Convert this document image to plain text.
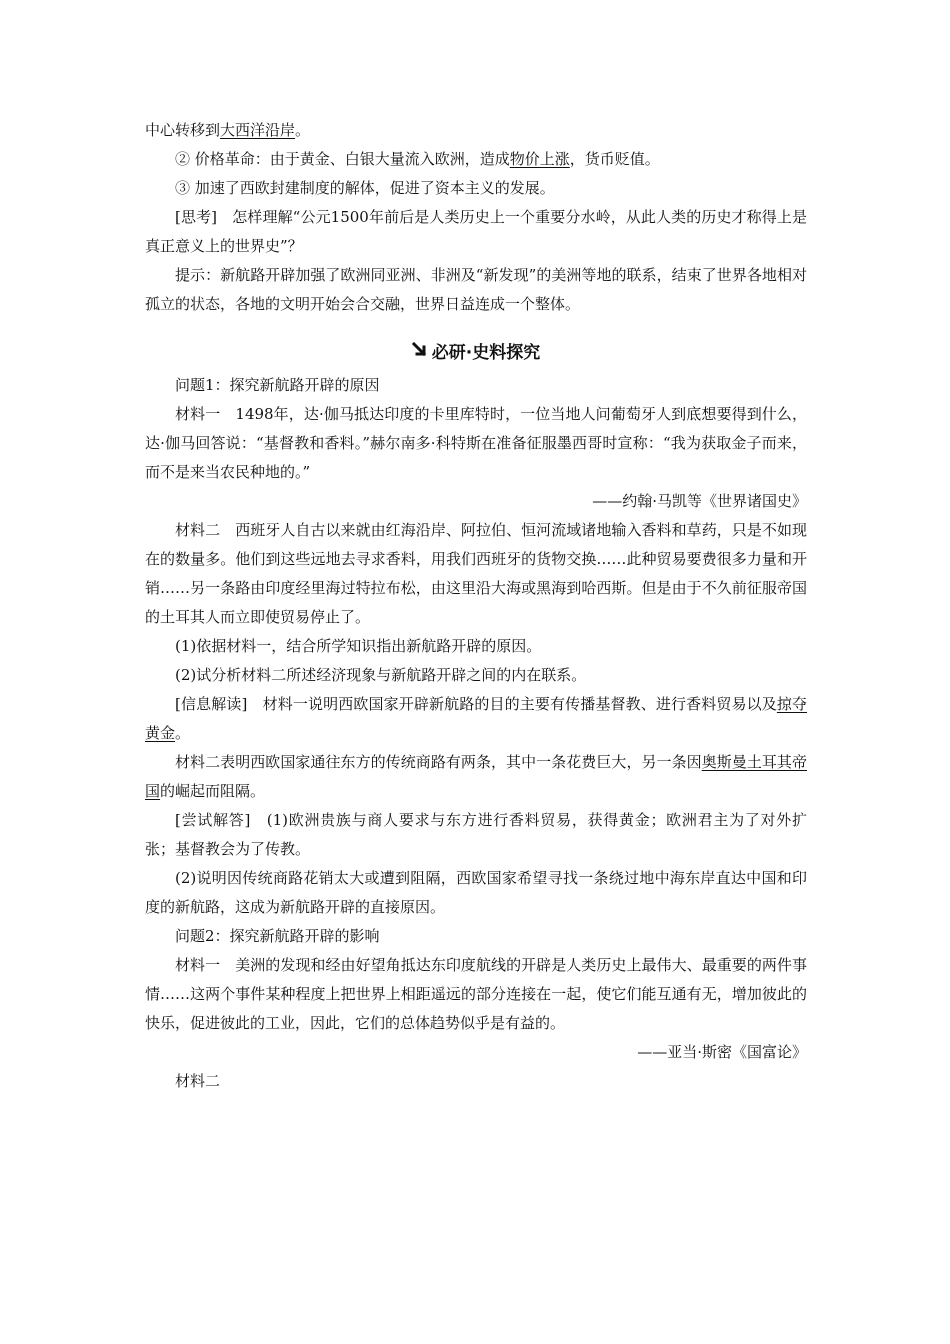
中心转移到大西洋沿岸。

② 价格革命：由于黄金、白银大量流入欧洲，造成物价上涨，货币贬值。

③ 加速了西欧封建制度的解体，促进了资本主义的发展。

[思考]　怎样理解“公元1500年前后是人类历史上一个重要分水岭，从此人类的历史才称得上是真正意义上的世界史”？

提示：新航路开辟加强了欧洲同亚洲、非洲及“新发现”的美洲等地的联系，结束了世界各地相对孤立的状态，各地的文明开始会合交融，世界日益连成一个整体。

必研·史料探究

问题1：探究新航路开辟的原因

材料一　1498年，达·伽马抵达印度的卡里库特时，一位当地人问葡萄牙人到底想要得到什么，达·伽马回答说：“基督教和香料。”赫尔南多·科特斯在准备征服墨西哥时宣称：“我为获取金子而来，而不是来当农民种地的。”

——约翰·马凯等《世界诸国史》

材料二　西班牙人自古以来就由红海沿岸、阿拉伯、恒河流域诸地输入香料和草药，只是不如现在的数量多。他们到这些远地去寻求香料，用我们西班牙的货物交换……此种贸易要费很多力量和开销……另一条路由印度经里海过特拉布松，由这里沿大海或黑海到哈西斯。但是由于不久前征服帝国的土耳其人而立即使贸易停止了。

(1)依据材料一，结合所学知识指出新航路开辟的原因。

(2)试分析材料二所述经济现象与新航路开辟之间的内在联系。

[信息解读]　材料一说明西欧国家开辟新航路的目的主要有传播基督教、进行香料贸易以及掠夺黄金。

材料二表明西欧国家通往东方的传统商路有两条，其中一条花费巨大，另一条因奥斯曼土耳其帝国的崛起而阻隔。

[尝试解答]　(1)欧洲贵族与商人要求与东方进行香料贸易，获得黄金；欧洲君主为了对外扩张；基督教会为了传教。

(2)说明因传统商路花销太大或遭到阻隔，西欧国家希望寻找一条绕过地中海东岸直达中国和印度的新航路，这成为新航路开辟的直接原因。

问题2：探究新航路开辟的影响

材料一　美洲的发现和经由好望角抵达东印度航线的开辟是人类历史上最伟大、最重要的两件事情……这两个事件某种程度上把世界上相距遥远的部分连接在一起，使它们能互通有无，增加彼此的快乐，促进彼此的工业，因此，它们的总体趋势似乎是有益的。

——亚当·斯密《国富论》

材料二
